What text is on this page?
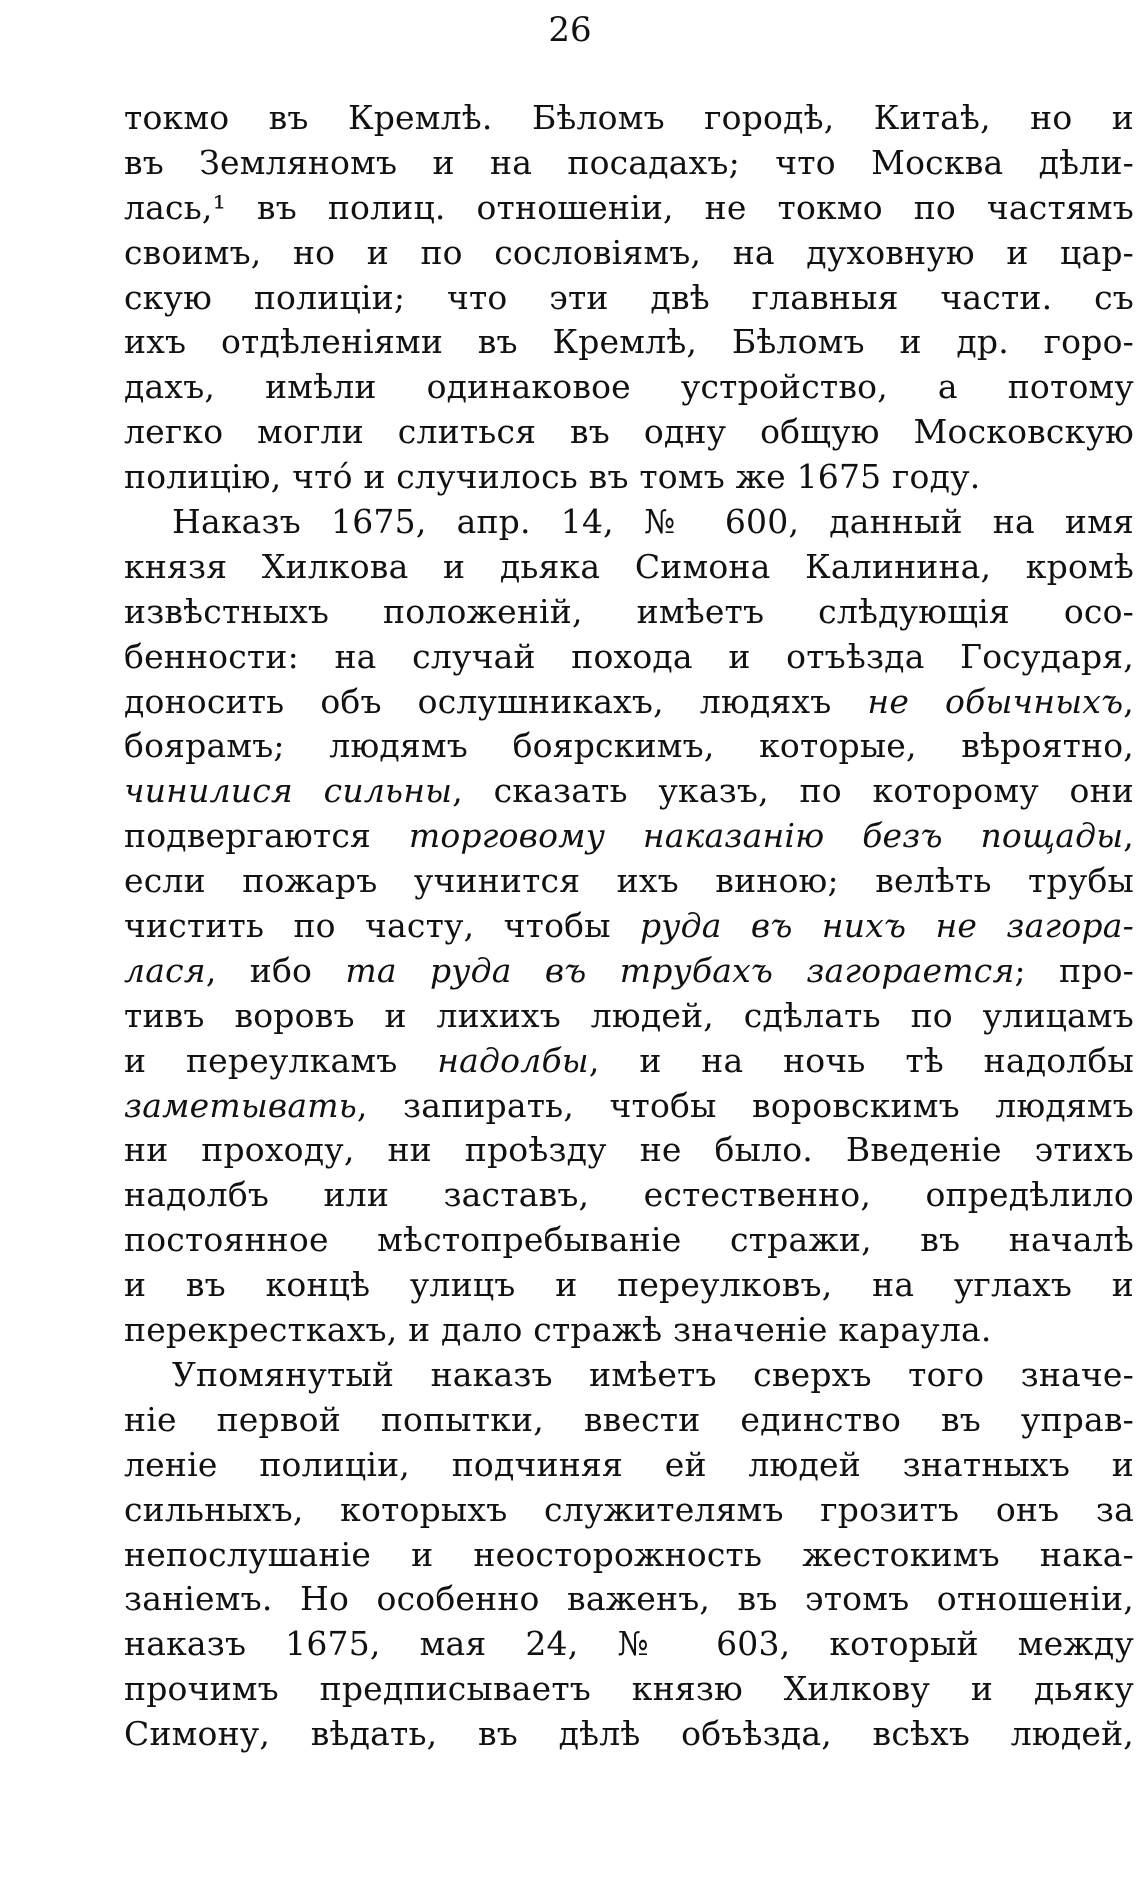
26
токмо въ Кремлѣ. Бѣломъ городѣ, Китаѣ, но и
въ Земляномъ и на посадахъ; что Москва дѣли-
лась,¹ въ полиц. отношеніи, не токмо по частямъ
своимъ, но и по сословіямъ, на духовную и цар-
скую полиціи; что эти двѣ главныя части. съ
ихъ отдѣленіями въ Кремлѣ, Бѣломъ и др. горо-
дахъ, имѣли одинаковое устройство, а потому
легко могли слиться въ одну общую Московскую
полицію, чтó и случилось въ томъ же 1675 году.
Наказъ 1675, апр. 14, № 600, данный на имя
князя Хилкова и дьяка Симона Калинина, кромѣ
извѣстныхъ положеній, имѣетъ слѣдующія осо-
бенности: на случай похода и отъѣзда Государя,
доносить объ ослушникахъ, людяхъ не обычныхъ,
боярамъ; людямъ боярскимъ, которые, вѣроятно,
чинилися сильны, сказать указъ, по которому они
подвергаются торговому наказанію безъ пощады,
если пожаръ учинится ихъ виною; велѣть трубы
чистить по часту, чтобы руда въ нихъ не загора-
лася, ибо та руда въ трубахъ загорается; про-
тивъ воровъ и лихихъ людей, сдѣлать по улицамъ
и переулкамъ надолбы, и на ночь тѣ надолбы
заметывать, запирать, чтобы воровскимъ людямъ
ни проходу, ни проѣзду не было. Введеніе этихъ
надолбъ или заставъ, естественно, опредѣлило
постоянное мѣстопребываніе стражи, въ началѣ
и въ концѣ улицъ и переулковъ, на углахъ и
перекресткахъ, и дало стражѣ значеніе караула.
Упомянутый наказъ имѣетъ сверхъ того значе-
ніе первой попытки, ввести единство въ управ-
леніе полиціи, подчиняя ей людей знатныхъ и
сильныхъ, которыхъ служителямъ грозитъ онъ за
непослушаніе и неосторожность жестокимъ нака-
заніемъ. Но особенно важенъ, въ этомъ отношеніи,
наказъ 1675, мая 24, № 603, который между
прочимъ предписываетъ князю Хилкову и дьяку
Симону, вѣдать, въ дѣлѣ объѣзда, всѣхъ людей,
